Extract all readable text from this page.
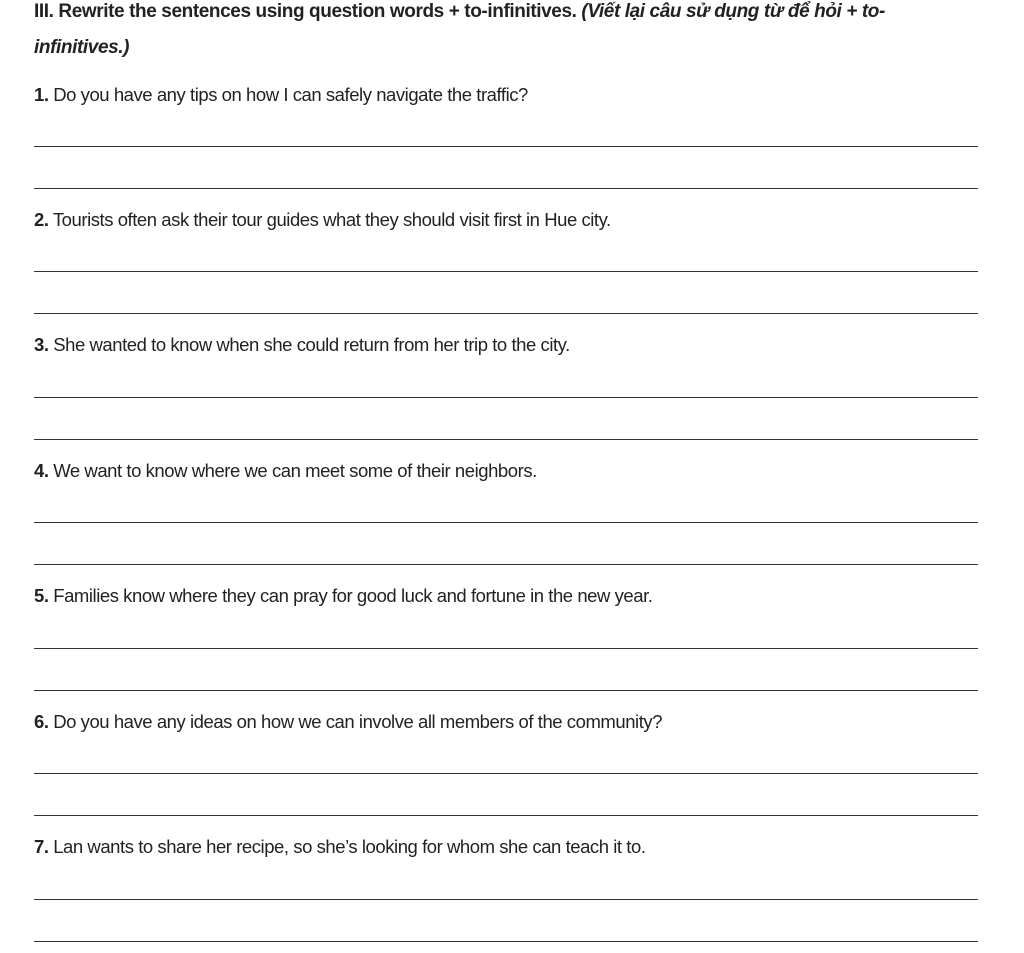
III. Rewrite the sentences using question words + to-infinitives. (Viết lại câu sử dụng từ để hỏi + to-
infinitives.)
1. Do you have any tips on how I can safely navigate the traffic?
2. Tourists often ask their tour guides what they should visit first in Hue city.
3. She wanted to know when she could return from her trip to the city.
4. We want to know where we can meet some of their neighbors.
5. Families know where they can pray for good luck and fortune in the new year.
6. Do you have any ideas on how we can involve all members of the community?
7. Lan wants to share her recipe, so she’s looking for whom she can teach it to.
